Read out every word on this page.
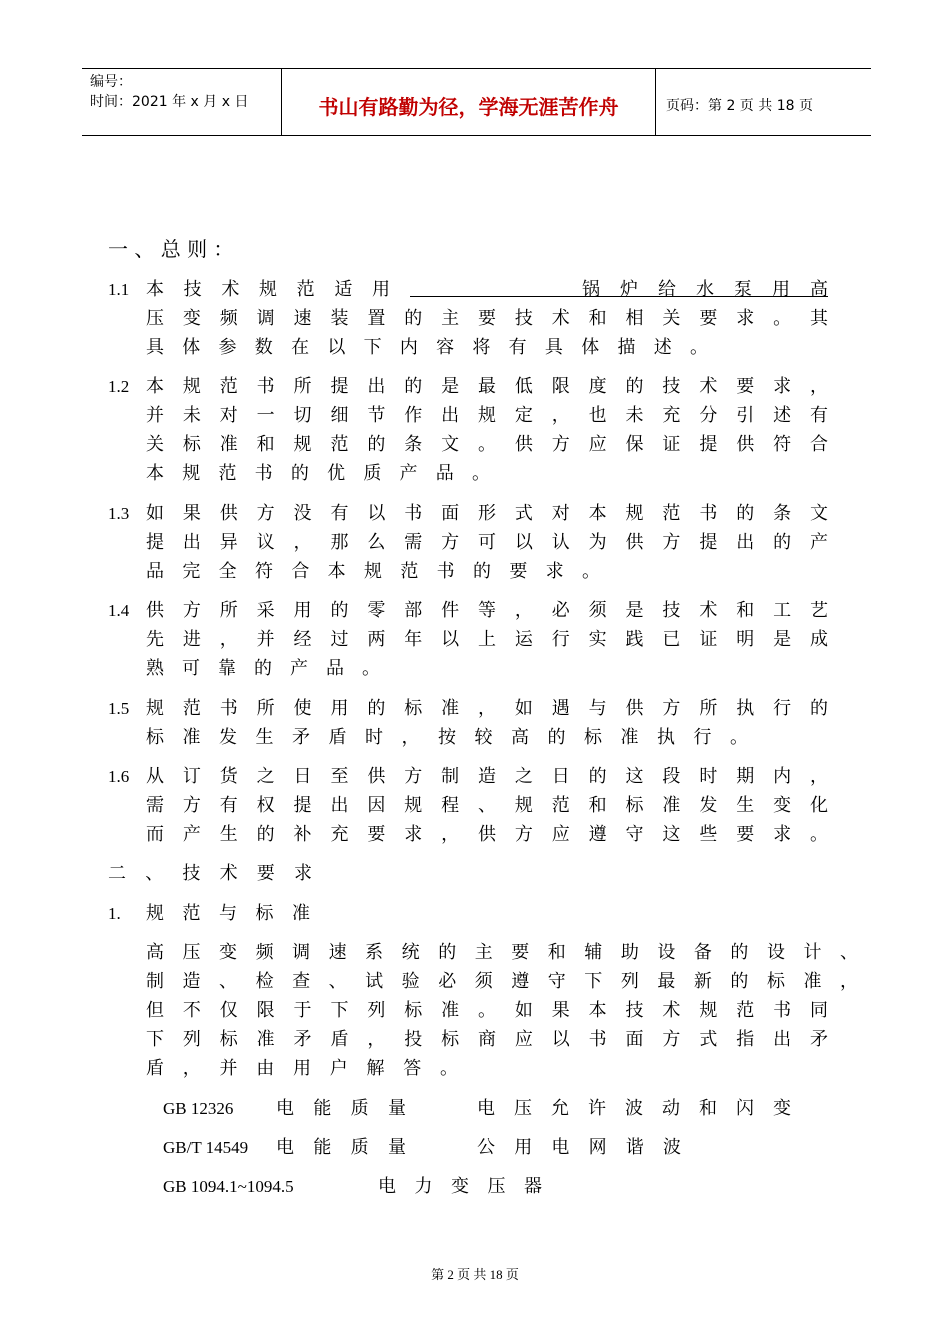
编号：
时间：2021 年 x 月 x 日	书山有路勤为径，学海无涯苦作舟	页码：第 2 页 共 18 页
一 、 总 则 ：
1.1 本 技 术 规 范 适 用	锅 炉 给 水 泵 用 高
压 变 频 调 速 装 置 的 主 要 技 术 和 相 关 要 求 。 其
具 体 参 数 在 以 下 内 容 将 有 具 体 描 述 。
1.2 本 规 范 书 所 提 出 的 是 最 低 限 度 的 技 术 要 求 ，
并 未 对 一 切 细 节 作 出 规 定 ， 也 未 充 分 引 述 有
关 标 准 和 规 范 的 条 文 。 供 方 应 保 证 提 供 符 合
本 规 范 书 的 优 质 产 品 。
1.3 如 果 供 方 没 有 以 书 面 形 式 对 本 规 范 书 的 条 文
提 出 异 议 ， 那 么 需 方 可 以 认 为 供 方 提 出 的 产
品 完 全 符 合 本 规 范 书 的 要 求 。
1.4 供 方 所 采 用 的 零 部 件 等 ， 必 须 是 技 术 和 工 艺
先 进 ， 并 经 过 两 年 以 上 运 行 实 践 已 证 明 是 成
熟 可 靠 的 产 品 。
1.5 规 范 书 所 使 用 的 标 准 ， 如 遇 与 供 方 所 执 行 的
标 准 发 生 矛 盾 时 ， 按 较 高 的 标 准 执 行 。
1.6 从 订 货 之 日 至 供 方 制 造 之 日 的 这 段 时 期 内 ，
需 方 有 权 提 出 因 规 程 、 规 范 和 标 准 发 生 变 化
而 产 生 的 补 充 要 求 ， 供 方 应 遵 守 这 些 要 求 。
二 、 技 术 要 求
1. 规 范 与 标 准
高 压 变 频 调 速 系 统 的 主 要 和 辅 助 设 备 的 设 计 、
制 造 、 检 查 、 试 验 必 须 遵 守 下 列 最 新 的 标 准 ，
但 不 仅 限 于 下 列 标 准 。 如 果 本 技 术 规 范 书 同
下 列 标 准 矛 盾 ， 投 标 商 应 以 书 面 方 式 指 出 矛
盾 ， 并 由 用 户 解 答 。
GB 12326 电 能 质 量	电 压 允 许 波 动 和 闪 变
GB/T 14549 电 能 质 量	公 用 电 网 谐 波
GB 1094.1~1094.5	电 力 变 压 器
第 2 页 共 18 页
